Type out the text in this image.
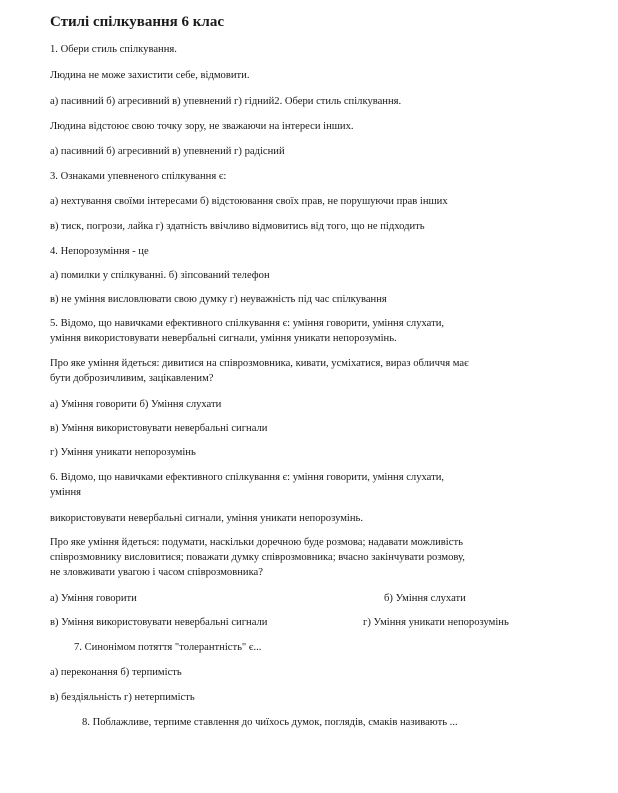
Стилі спілкування 6 клас
1. Обери стиль спілкування.
Людина не може захистити себе, відмовити.
а) пасивний б) агресивний в) упевнений г) гідний2. Обери стиль спілкування.
Людина відстоює свою точку зору, не зважаючи на інтереси інших.
а) пасивний б) агресивний в) упевнений г) радісний
3. Ознаками упевненого спілкування є:
а) нехтування своїми інтересами б) відстоювання своїх прав, не порушуючи прав інших
в) тиск, погрози, лайка г) здатність ввічливо відмовитись від того, що не підходить
4. Непорозуміння - це
а) помилки у спілкуванні. б) зіпсований телефон
в) не уміння висловлювати свою думку г) неуважність під час спілкування
5. Відомо, що навичками ефективного спілкування є: уміння говорити, уміння слухати,
уміння використовувати невербальні сигнали, уміння уникати непорозумінь.
Про яке уміння йдеться: дивитися на співрозмовника, кивати, усміхатися, вираз обличчя має
бути доброзичливим, зацікавленим?
а) Уміння говорити б) Уміння слухати
в) Уміння використовувати невербальні сигнали
г) Уміння уникати непорозумінь
6. Відомо, що навичками ефективного спілкування є: уміння говорити, уміння слухати,
уміння
використовувати невербальні сигнали, уміння уникати непорозумінь.
Про яке уміння йдеться: подумати, наскільки доречною буде розмова; надавати можливість
співрозмовнику висловитися; поважати думку співрозмовника; вчасно закінчувати розмову,
не зловживати увагою і часом співрозмовника?
а) Уміння говорити	б) Уміння слухати
в) Уміння використовувати невербальні сигнали	г) Уміння уникати непорозумінь
7. Синонімом потяття "толерантність" є...
а) переконання б) терпимість
в) бездіяльність г) нетерпимість
8. Поблажливе, терпиме ставлення до чиїхось думок, поглядів, смаків називають ...
